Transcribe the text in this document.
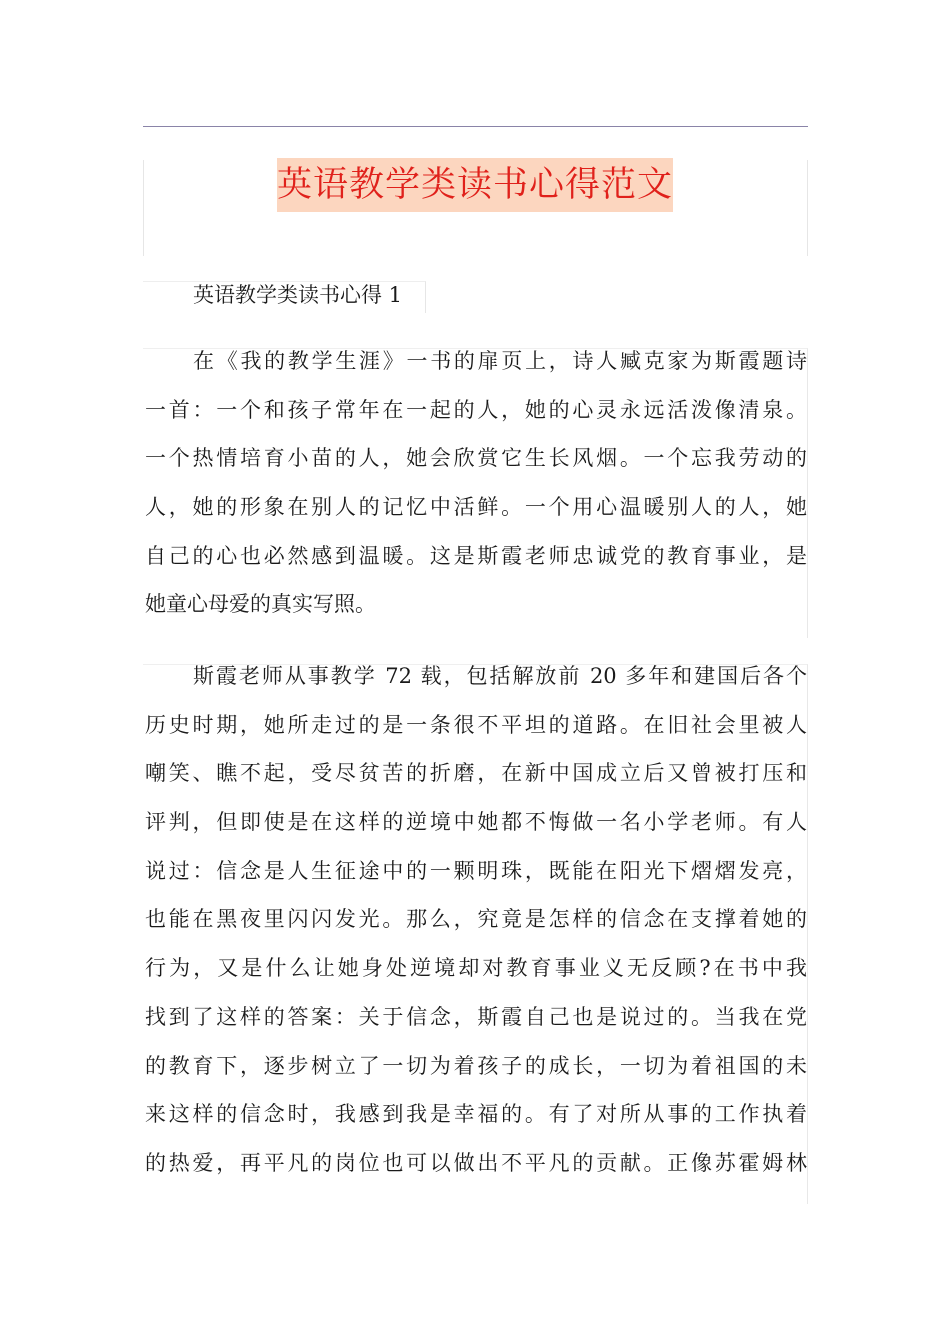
英语教学类读书心得范文
英语教学类读书心得 1
在《我的教学生涯》一书的扉页上，诗人臧克家为斯霞题诗
一首：一个和孩子常年在一起的人，她的心灵永远活泼像清泉。
一个热情培育小苗的人，她会欣赏它生长风烟。一个忘我劳动的
人，她的形象在别人的记忆中活鲜。一个用心温暖别人的人，她
自己的心也必然感到温暖。这是斯霞老师忠诚党的教育事业，是
她童心母爱的真实写照。
斯霞老师从事教学 72 载，包括解放前 20 多年和建国后各个
历史时期，她所走过的是一条很不平坦的道路。在旧社会里被人
嘲笑、瞧不起，受尽贫苦的折磨，在新中国成立后又曾被打压和
评判，但即使是在这样的逆境中她都不悔做一名小学老师。有人
说过：信念是人生征途中的一颗明珠，既能在阳光下熠熠发亮，
也能在黑夜里闪闪发光。那么，究竟是怎样的信念在支撑着她的
行为，又是什么让她身处逆境却对教育事业义无反顾?在书中我
找到了这样的答案：关于信念，斯霞自己也是说过的。当我在党
的教育下，逐步树立了一切为着孩子的成长，一切为着祖国的未
来这样的信念时，我感到我是幸福的。有了对所从事的工作执着
的热爱，再平凡的岗位也可以做出不平凡的贡献。正像苏霍姆林
